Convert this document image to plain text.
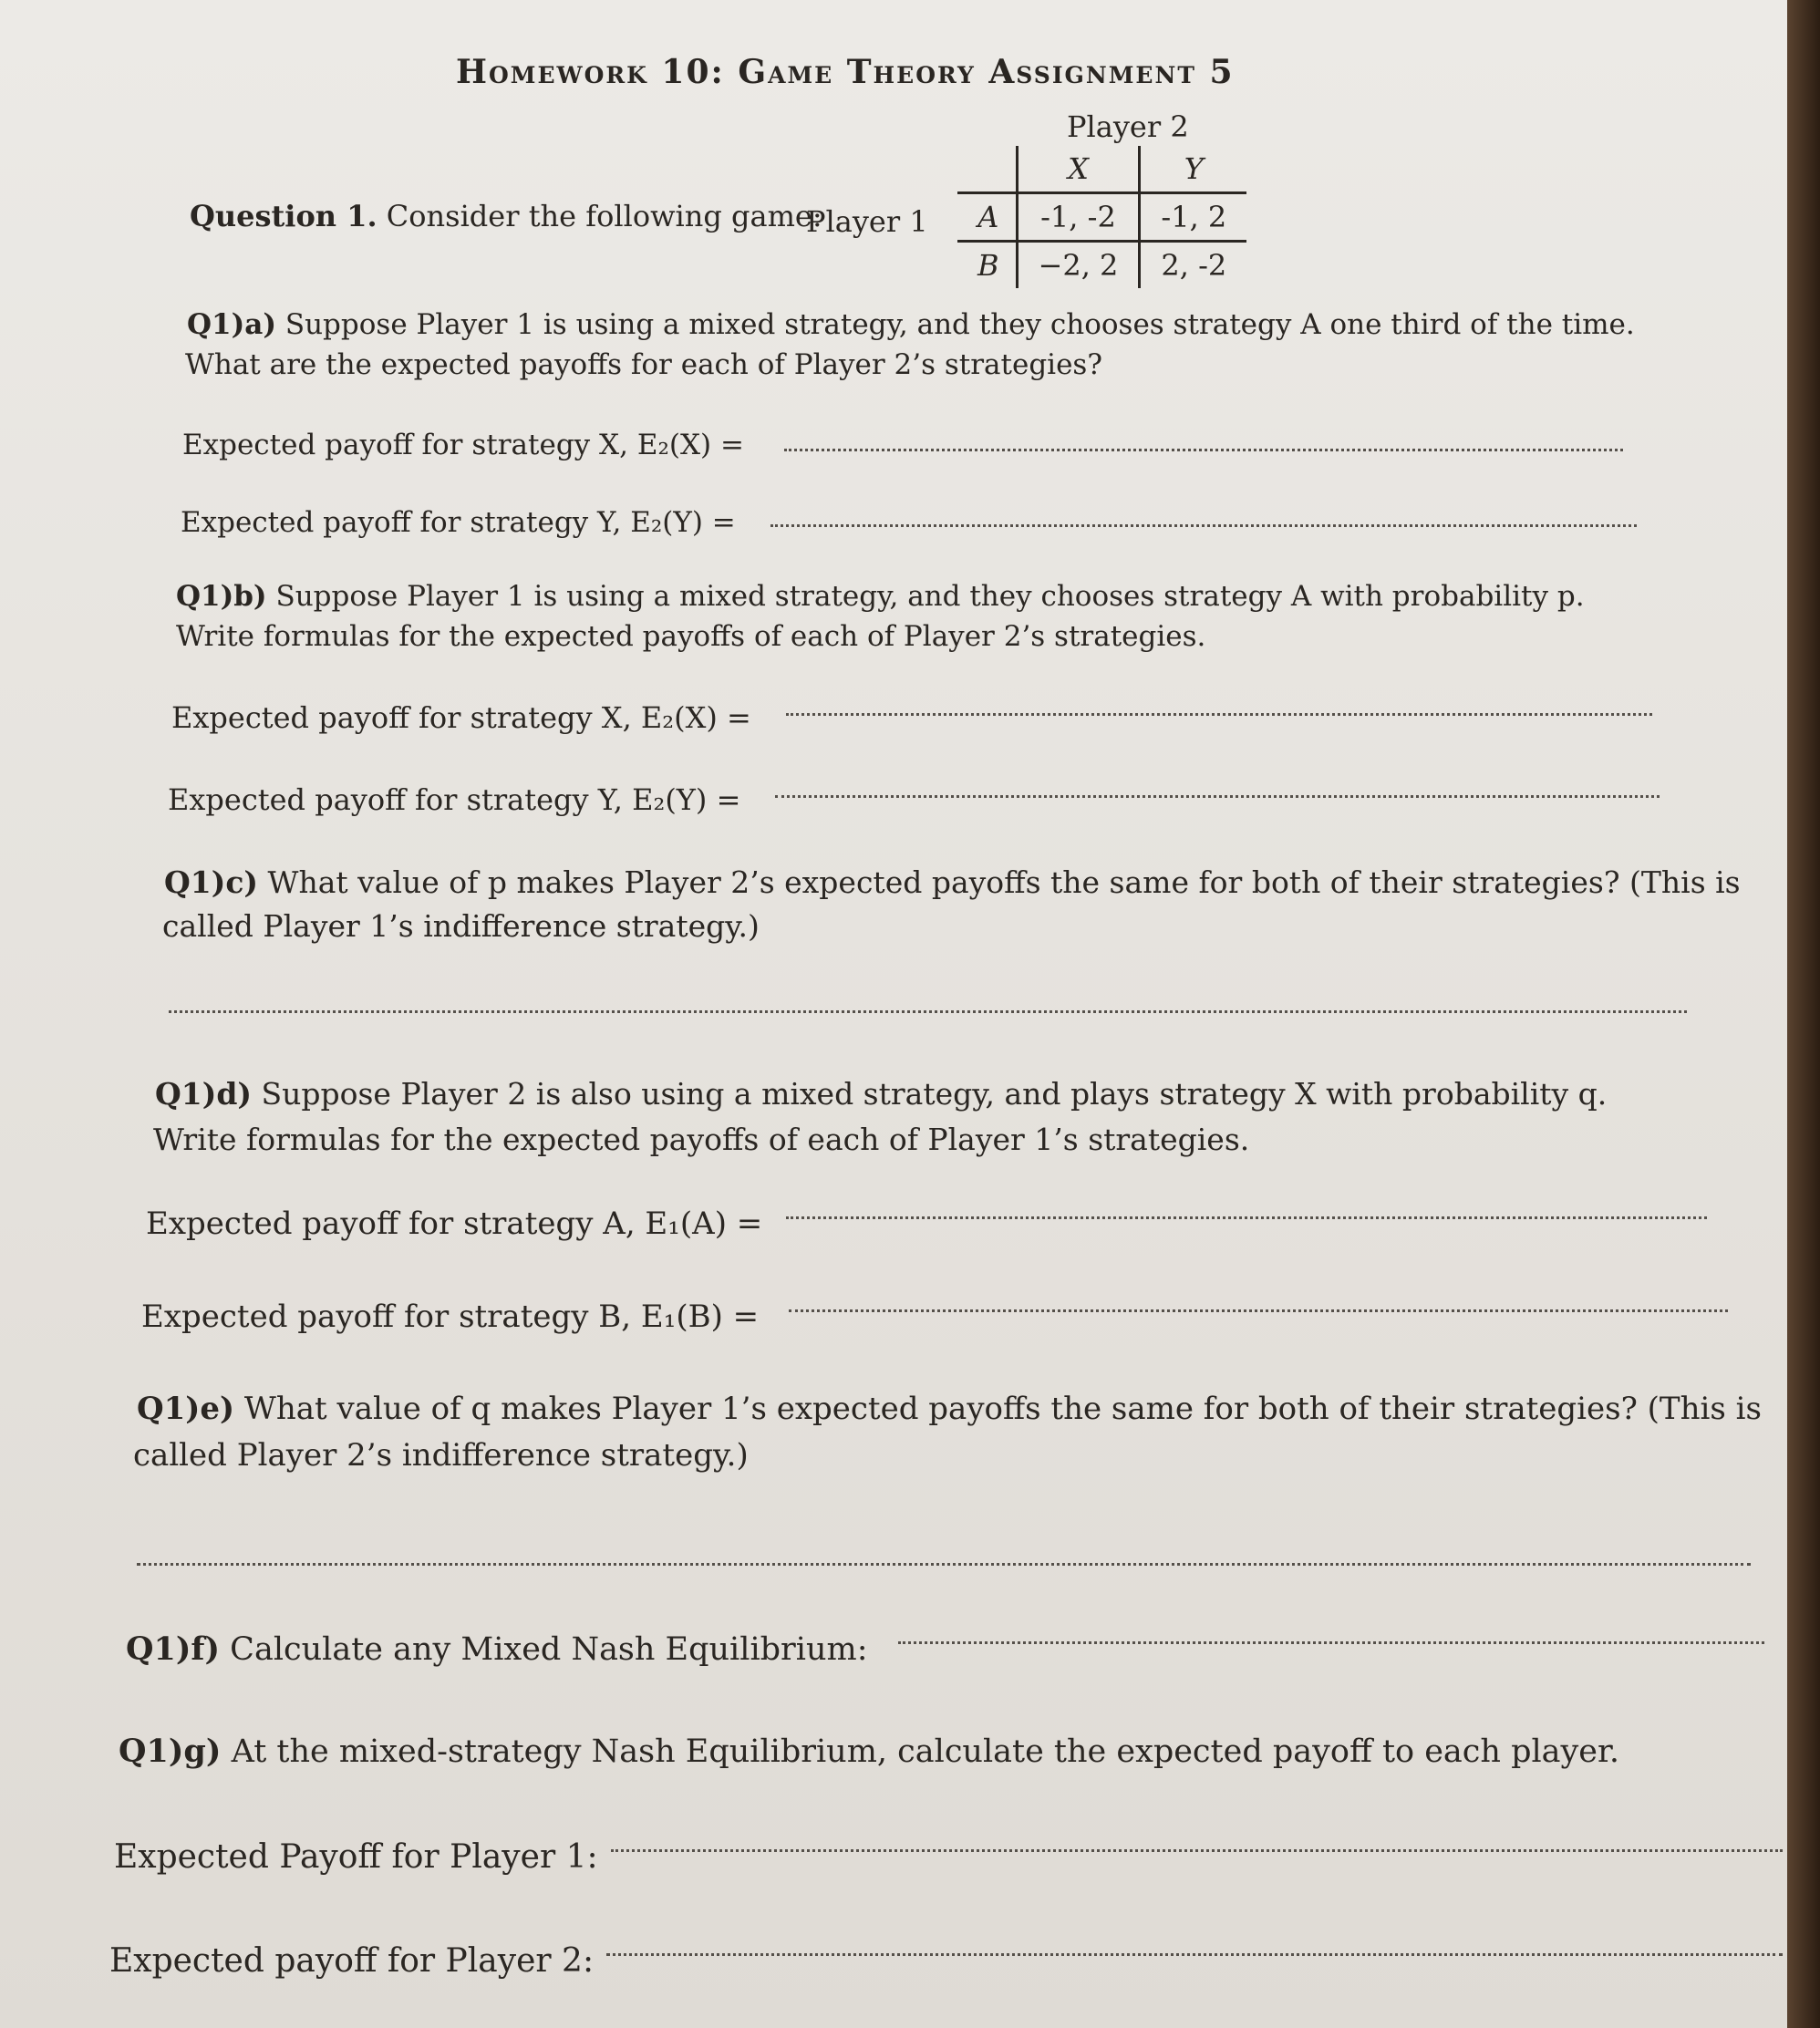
Homework 10: Game Theory Assignment 5
Question 1. Consider the following game:
Player 1
Player 2
	X	Y
A	-1, -2	-1, 2
B	−2, 2	2, -2
Q1)a) Suppose Player 1 is using a mixed strategy, and they chooses strategy A one third of the time.
What are the expected payoffs for each of Player 2’s strategies?
Expected payoff for strategy X, E₂(X) =
Expected payoff for strategy Y, E₂(Y) =
Q1)b) Suppose Player 1 is using a mixed strategy, and they chooses strategy A with probability p.
Write formulas for the expected payoffs of each of Player 2’s strategies.
Expected payoff for strategy X, E₂(X) =
Expected payoff for strategy Y, E₂(Y) =
Q1)c) What value of p makes Player 2’s expected payoffs the same for both of their strategies? (This is
called Player 1’s indifference strategy.)
Q1)d) Suppose Player 2 is also using a mixed strategy, and plays strategy X with probability q.
Write formulas for the expected payoffs of each of Player 1’s strategies.
Expected payoff for strategy A, E₁(A) =
Expected payoff for strategy B, E₁(B) =
Q1)e) What value of q makes Player 1’s expected payoffs the same for both of their strategies? (This is
called Player 2’s indifference strategy.)
Q1)f) Calculate any Mixed Nash Equilibrium:
Q1)g) At the mixed-strategy Nash Equilibrium, calculate the expected payoff to each player.
Expected Payoff for Player 1:
Expected payoff for Player 2:
